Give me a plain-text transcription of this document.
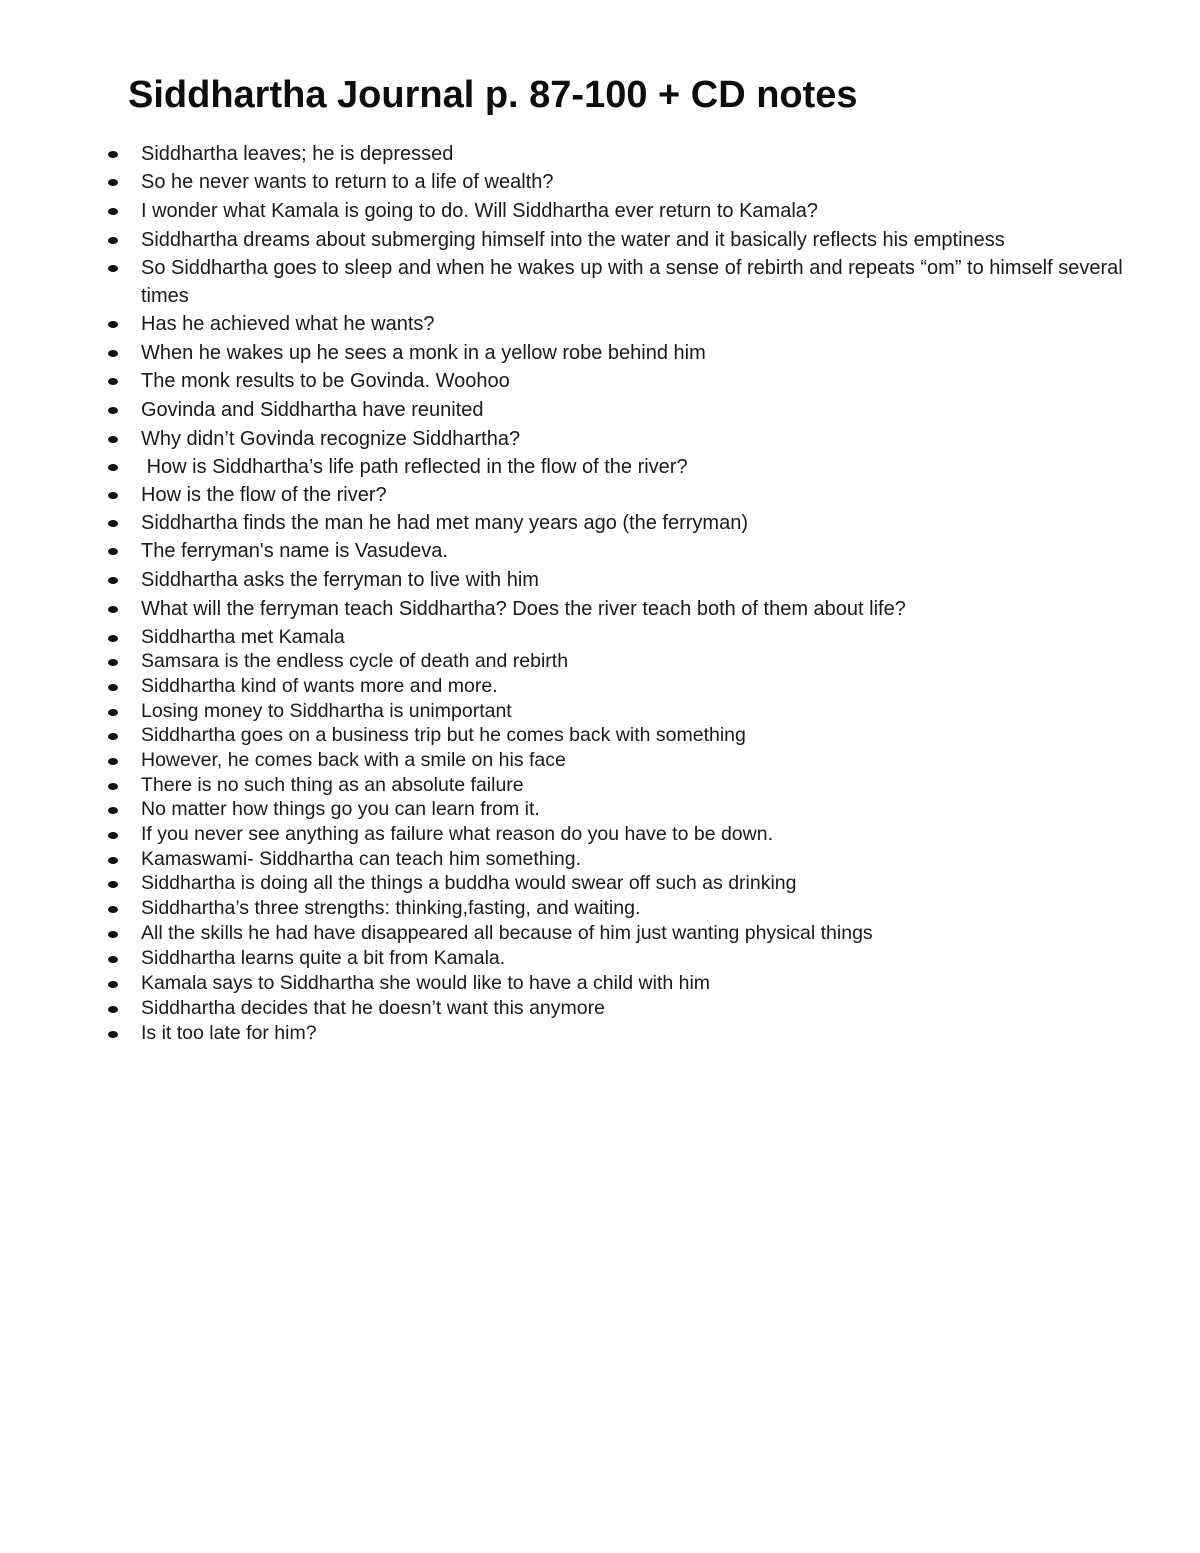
Siddhartha Journal p. 87-100 + CD notes
Siddhartha leaves; he is depressed
So he never wants to return to a life of wealth?
I wonder what Kamala is going to do. Will Siddhartha ever return to Kamala?
Siddhartha dreams about submerging himself into the water and it basically reflects his emptiness
So Siddhartha goes to sleep and when he wakes up with a sense of rebirth and repeats “om” to himself several times
Has he achieved what he wants?
When he wakes up he sees a monk in a yellow robe behind him
The monk results to be Govinda. Woohoo
Govinda and Siddhartha have reunited
Why didn’t Govinda recognize Siddhartha?
How is Siddhartha’s life path reflected in the flow of the river?
How is the flow of the river?
Siddhartha finds the man he had met many years ago (the ferryman)
The ferryman's name is Vasudeva.
Siddhartha asks the ferryman to live with him
What will the ferryman teach Siddhartha? Does the river teach both of them about life?
Siddhartha met Kamala
Samsara is the endless cycle of death and rebirth
Siddhartha kind of wants more and more.
Losing money to Siddhartha is unimportant
Siddhartha goes on a business trip but he comes back with something
However, he comes back with a smile on his face
There is no such thing as an absolute failure
No matter how things go you can learn from it.
If you never see anything as failure what reason do you have to be down.
Kamaswami- Siddhartha can teach him something.
Siddhartha is doing all the things a buddha would swear off such as drinking
Siddhartha’s three strengths: thinking,fasting, and waiting.
All the skills he had have disappeared all because of him just wanting physical things
Siddhartha learns quite a bit from Kamala.
Kamala says to Siddhartha she would like to have a child with him
Siddhartha decides that he doesn’t want this anymore
Is it too late for him?
